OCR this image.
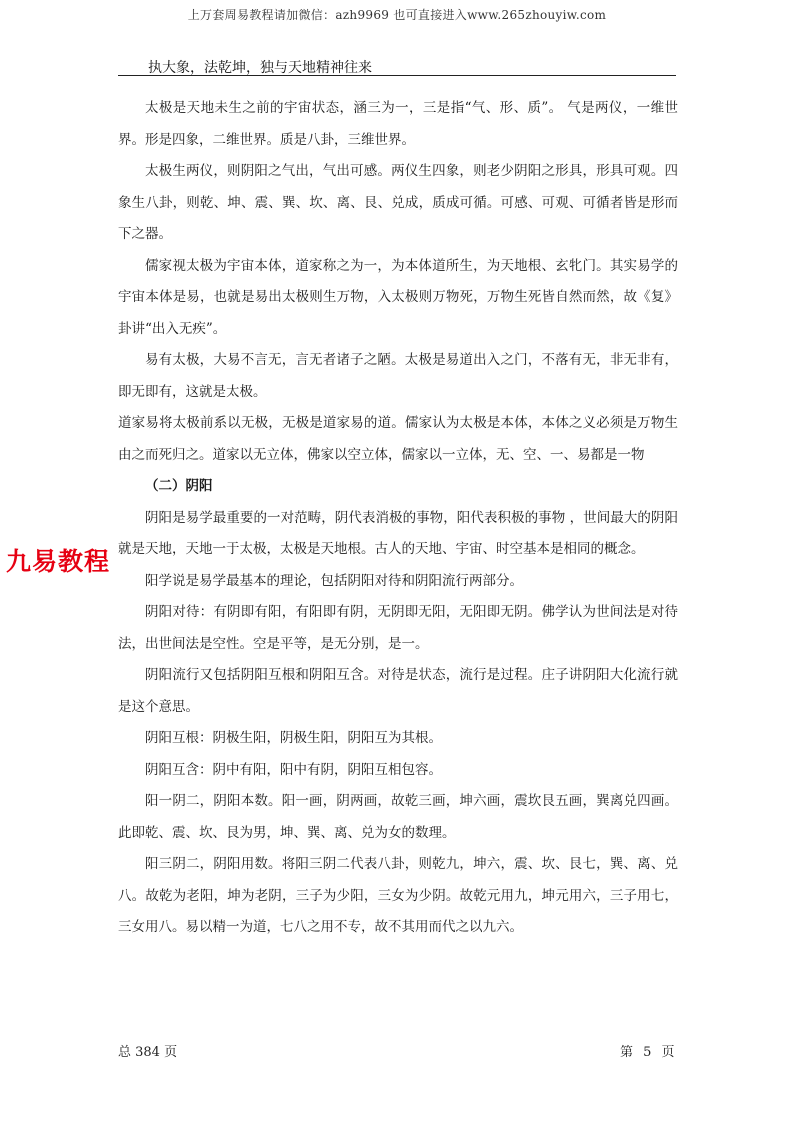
上万套周易教程请加微信：azh9969 也可直接进入www.265zhouyiw.com
执大象，法乾坤，独与天地精神往来

太极是天地未生之前的宇宙状态，涵三为一，三是指“气、形、质”。 气是两仪，一维世界。形是四象，二维世界。质是八卦，三维世界。

太极生两仪，则阴阳之气出，气出可感。两仪生四象，则老少阴阳之形具，形具可观。四象生八卦，则乾、坤、震、巽、坎、离、艮、兑成，质成可循。可感、可观、可循者皆是形而下之器。

儒家视太极为宇宙本体，道家称之为一，为本体道所生，为天地根、玄牝门。其实易学的宇宙本体是易，也就是易出太极则生万物，入太极则万物死，万物生死皆自然而然，故《复》卦讲“出入无疾”。

易有太极，大易不言无，言无者诸子之陋。太极是易道出入之门，不落有无，非无非有，即无即有，这就是太极。

道家易将太极前系以无极，无极是道家易的道。儒家认为太极是本体，本体之义必须是万物生由之而死归之。道家以无立体，佛家以空立体，儒家以一立体，无、空、一、易都是一物

（二）阴阳

阴阳是易学最重要的一对范畴，阴代表消极的事物，阳代表积极的事物 ，世间最大的阴阳就是天地，天地一于太极，太极是天地根。古人的天地、宇宙、时空基本是相同的概念。

阳学说是易学最基本的理论，包括阴阳对待和阴阳流行两部分。

阴阳对待：有阴即有阳，有阳即有阴，无阴即无阳，无阳即无阴。佛学认为世间法是对待法，出世间法是空性。空是平等，是无分别，是一。

阴阳流行又包括阴阳互根和阴阳互含。对待是状态，流行是过程。庄子讲阴阳大化流行就是这个意思。

阴阳互根：阴极生阳，阴极生阳，阴阳互为其根。

阴阳互含：阴中有阳，阳中有阴，阴阳互相包容。

阳一阴二，阴阳本数。阳一画，阴两画，故乾三画，坤六画，震坎艮五画，巽离兑四画。此即乾、震、坎、艮为男，坤、巽、离、兑为女的数理。

阳三阴二，阴阳用数。将阳三阴二代表八卦，则乾九，坤六，震、坎、艮七，巽、离、兑八。故乾为老阳，坤为老阴，三子为少阳，三女为少阴。故乾元用九，坤元用六，三子用七，三女用八。易以精一为道，七八之用不专，故不其用而代之以九六。

九易教程
总 384 页	第 5 页
